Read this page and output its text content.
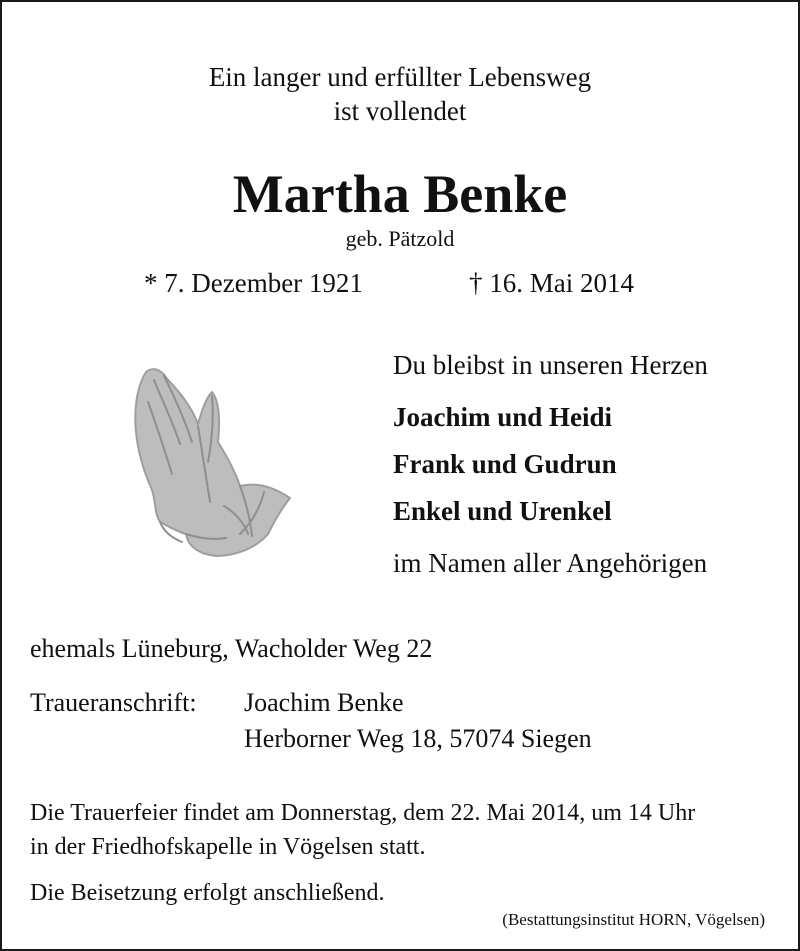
Ein langer und erfüllter Lebensweg
ist vollendet
Martha Benke
geb. Pätzold
* 7. Dezember 1921	† 16. Mai 2014
Du bleibst in unseren Herzen
Joachim und Heidi
Frank und Gudrun
Enkel und Urenkel
im Namen aller Angehörigen
ehemals Lüneburg, Wacholder Weg 22
Traueranschrift: Joachim Benke
Herborner Weg 18, 57074 Siegen
Die Trauerfeier findet am Donnerstag, dem 22. Mai 2014, um 14 Uhr
in der Friedhofskapelle in Vögelsen statt.
Die Beisetzung erfolgt anschließend.
(Bestattungsinstitut HORN, Vögelsen)
